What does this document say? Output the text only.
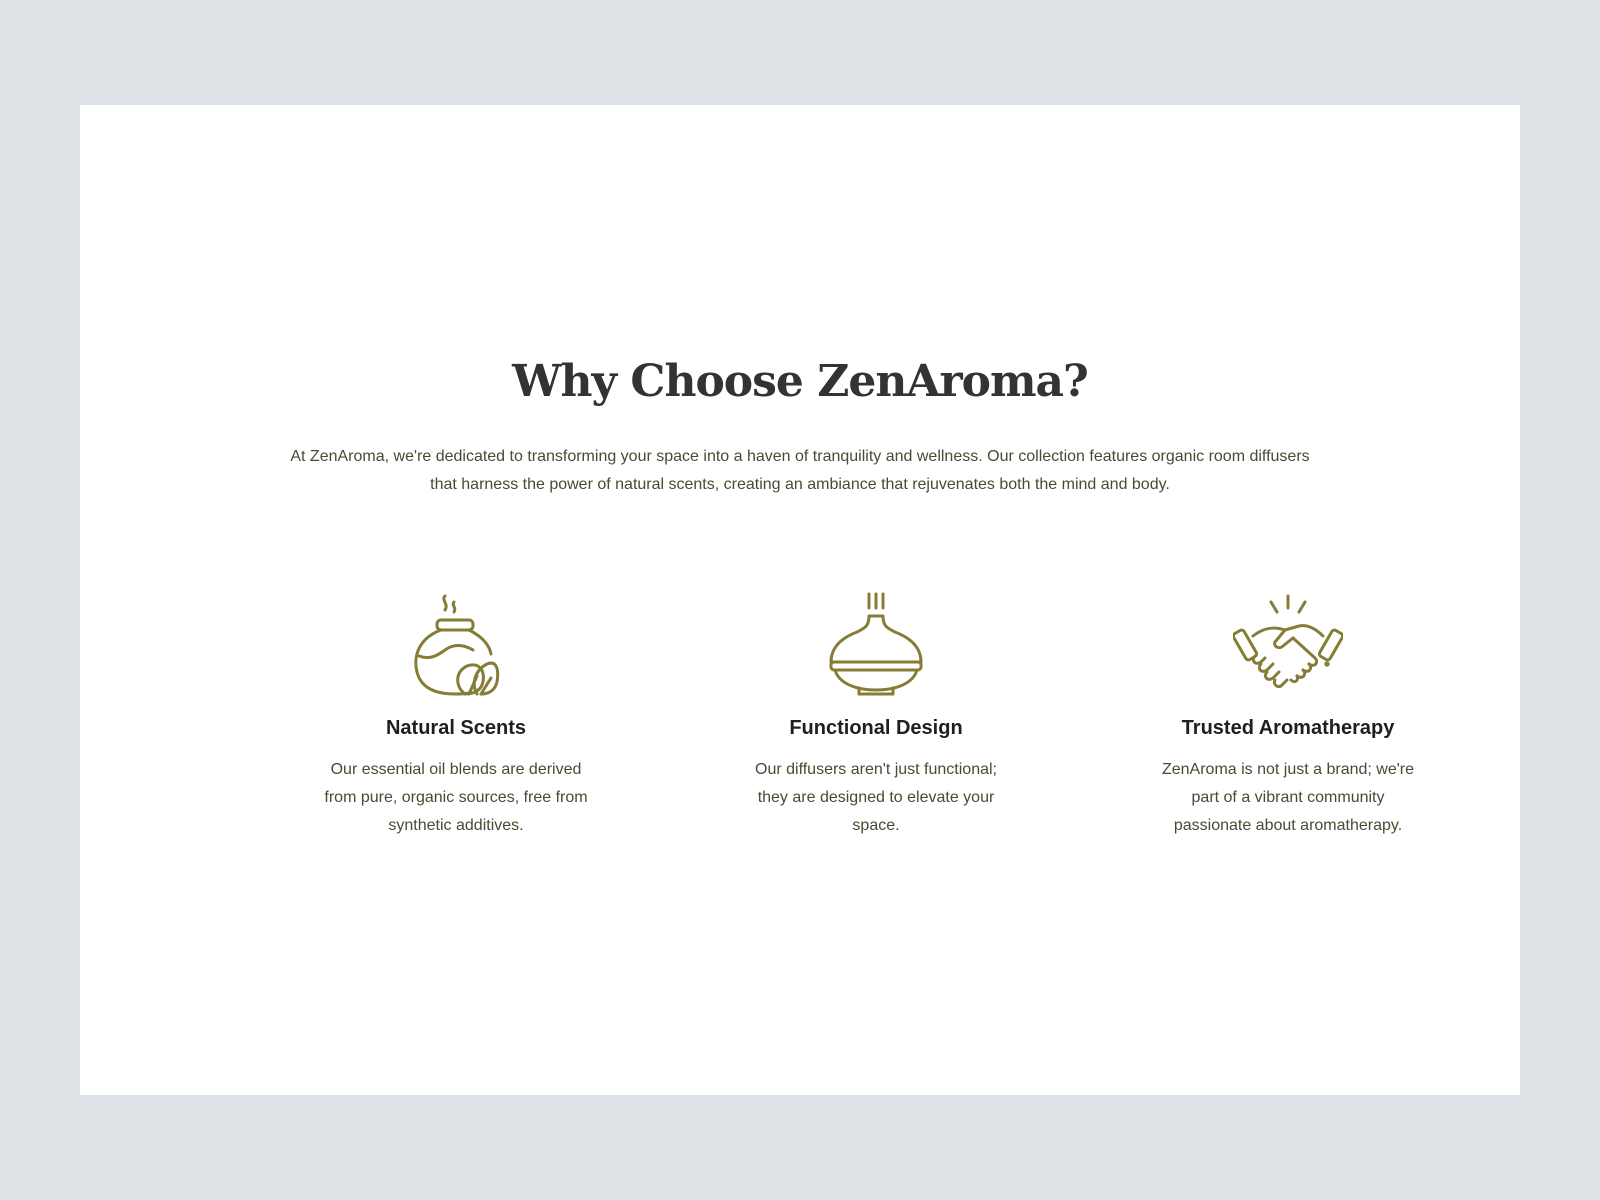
Why Choose ZenAroma?

At ZenAroma, we're dedicated to transforming your space into a haven of tranquility and wellness. Our collection features organic room diffusers that harness the power of natural scents, creating an ambiance that rejuvenates both the mind and body.

Natural Scents
Our essential oil blends are derived from pure, organic sources, free from synthetic additives.
Functional Design
Our diffusers aren't just functional; they are designed to elevate your space.
Trusted Aromatherapy
ZenAroma is not just a brand; we're part of a vibrant community passionate about aromatherapy.
